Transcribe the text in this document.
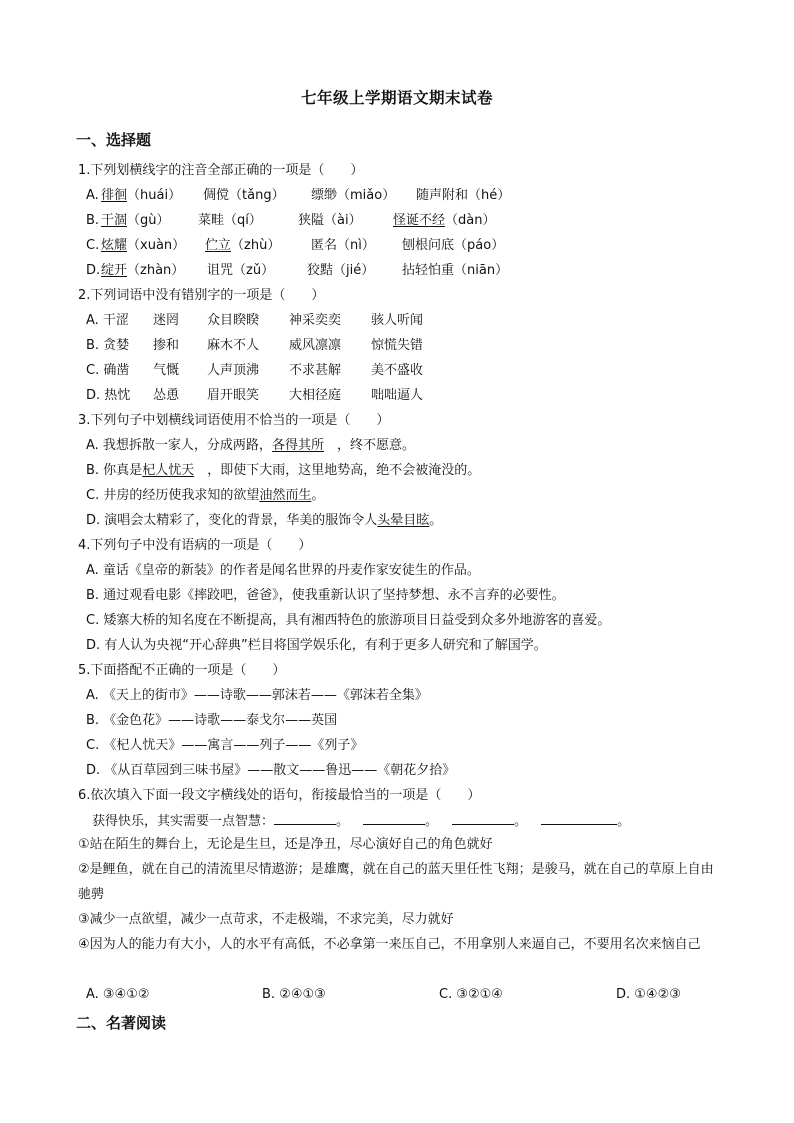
七年级上学期语文期末试卷
一、选择题
1.下列划横线字的注音全部正确的一项是（　　）
A. 徘徊（huái） 倜傥（tǎng） 缥缈（miǎo） 随声附和（hé）
B. 干涸（gù） 菜畦（qí）	狭隘（ài） 怪诞不经（dàn）
C. 炫耀（xuàn） 伫立（zhù） 匿名（nì） 刨根问底（páo）
D. 绽开（zhàn） 诅咒（zǔ）	狡黠（jié） 拈轻怕重（niān）
2.下列词语中没有错别字的一项是（　　）
A. 干涩 迷罔 众目睽睽 神采奕奕 骇人听闻
B. 贪婪 掺和 麻木不人 威风凛凛 惊慌失错
C. 确凿 气慨 人声顶沸 不求甚解 美不盛收
D. 热忱 怂恿 眉开眼笑 大相径庭 咄咄逼人
3.下列句子中划横线词语使用不恰当的一项是（　　）
A. 我想拆散一家人，分成两路，各得其所　，终不愿意。
B. 你真是杞人忧天　，即使下大雨，这里地势高，绝不会被淹没的。
C. 井房的经历使我求知的欲望油然而生。
D. 演唱会太精彩了，变化的背景，华美的服饰令人头晕目眩。
4.下列句子中没有语病的一项是（　　）
A. 童话《皇帝的新装》的作者是闻名世界的丹麦作家安徒生的作品。
B. 通过观看电影《摔跤吧，爸爸》，使我重新认识了坚持梦想、永不言弃的必要性。
C. 矮寨大桥的知名度在不断提高，具有湘西特色的旅游项目日益受到众多外地游客的喜爱。
D. 有人认为央视“开心辞典”栏目将国学娱乐化，有利于更多人研究和了解国学。
5.下面搭配不正确的一项是（　　）
A. 《天上的街市》——诗歌——郭沫若——《郭沫若全集》
B. 《金色花》——诗歌——泰戈尔——英国
C. 《杞人忧天》——寓言——列子——《列子》
D. 《从百草园到三味书屋》——散文——鲁迅——《朝花夕拾》
6.依次填入下面一段文字横线处的语句，衔接最恰当的一项是（　　）
获得快乐，其实需要一点智慧：	。	。	。	。
①站在陌生的舞台上，无论是生旦，还是净丑，尽心演好自己的角色就好
②是鲤鱼，就在自己的清流里尽情遨游；是雄鹰，就在自己的蓝天里任性飞翔；是骏马，就在自己的草原上自由驰骋
③减少一点欲望，减少一点苛求，不走极端，不求完美，尽力就好
④因为人的能力有大小，人的水平有高低，不必拿第一来压自己，不用拿别人来逼自己，不要用名次来恼自己
A. ③④①②	B. ②④①③	C. ③②①④	D. ①④②③
二、名著阅读
